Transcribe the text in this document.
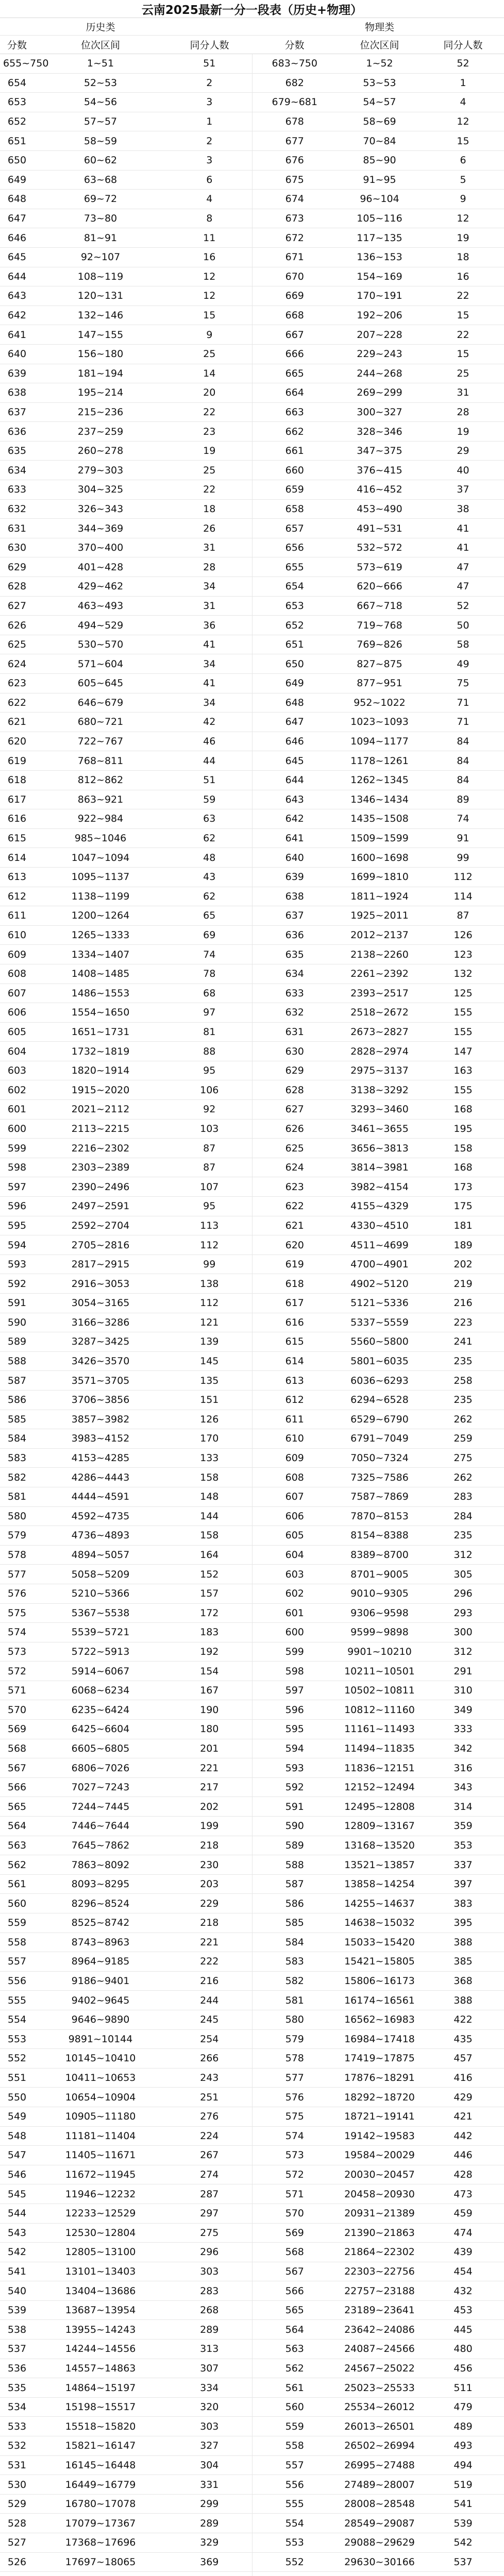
云南2025最新一分一段表（历史+物理）					
	历史类			物理类	
分数	位次区间	同分人数	分数	位次区间	同分人数
655~750	1~51	51	683~750	1~52	52
654	52~53	2	682	53~53	1
653	54~56	3	679~681	54~57	4
652	57~57	1	678	58~69	12
651	58~59	2	677	70~84	15
650	60~62	3	676	85~90	6
649	63~68	6	675	91~95	5
648	69~72	4	674	96~104	9
647	73~80	8	673	105~116	12
646	81~91	11	672	117~135	19
645	92~107	16	671	136~153	18
644	108~119	12	670	154~169	16
643	120~131	12	669	170~191	22
642	132~146	15	668	192~206	15
641	147~155	9	667	207~228	22
640	156~180	25	666	229~243	15
639	181~194	14	665	244~268	25
638	195~214	20	664	269~299	31
637	215~236	22	663	300~327	28
636	237~259	23	662	328~346	19
635	260~278	19	661	347~375	29
634	279~303	25	660	376~415	40
633	304~325	22	659	416~452	37
632	326~343	18	658	453~490	38
631	344~369	26	657	491~531	41
630	370~400	31	656	532~572	41
629	401~428	28	655	573~619	47
628	429~462	34	654	620~666	47
627	463~493	31	653	667~718	52
626	494~529	36	652	719~768	50
625	530~570	41	651	769~826	58
624	571~604	34	650	827~875	49
623	605~645	41	649	877~951	75
622	646~679	34	648	952~1022	71
621	680~721	42	647	1023~1093	71
620	722~767	46	646	1094~1177	84
619	768~811	44	645	1178~1261	84
618	812~862	51	644	1262~1345	84
617	863~921	59	643	1346~1434	89
616	922~984	63	642	1435~1508	74
615	985~1046	62	641	1509~1599	91
614	1047~1094	48	640	1600~1698	99
613	1095~1137	43	639	1699~1810	112
612	1138~1199	62	638	1811~1924	114
611	1200~1264	65	637	1925~2011	87
610	1265~1333	69	636	2012~2137	126
609	1334~1407	74	635	2138~2260	123
608	1408~1485	78	634	2261~2392	132
607	1486~1553	68	633	2393~2517	125
606	1554~1650	97	632	2518~2672	155
605	1651~1731	81	631	2673~2827	155
604	1732~1819	88	630	2828~2974	147
603	1820~1914	95	629	2975~3137	163
602	1915~2020	106	628	3138~3292	155
601	2021~2112	92	627	3293~3460	168
600	2113~2215	103	626	3461~3655	195
599	2216~2302	87	625	3656~3813	158
598	2303~2389	87	624	3814~3981	168
597	2390~2496	107	623	3982~4154	173
596	2497~2591	95	622	4155~4329	175
595	2592~2704	113	621	4330~4510	181
594	2705~2816	112	620	4511~4699	189
593	2817~2915	99	619	4700~4901	202
592	2916~3053	138	618	4902~5120	219
591	3054~3165	112	617	5121~5336	216
590	3166~3286	121	616	5337~5559	223
589	3287~3425	139	615	5560~5800	241
588	3426~3570	145	614	5801~6035	235
587	3571~3705	135	613	6036~6293	258
586	3706~3856	151	612	6294~6528	235
585	3857~3982	126	611	6529~6790	262
584	3983~4152	170	610	6791~7049	259
583	4153~4285	133	609	7050~7324	275
582	4286~4443	158	608	7325~7586	262
581	4444~4591	148	607	7587~7869	283
580	4592~4735	144	606	7870~8153	284
579	4736~4893	158	605	8154~8388	235
578	4894~5057	164	604	8389~8700	312
577	5058~5209	152	603	8701~9005	305
576	5210~5366	157	602	9010~9305	296
575	5367~5538	172	601	9306~9598	293
574	5539~5721	183	600	9599~9898	300
573	5722~5913	192	599	9901~10210	312
572	5914~6067	154	598	10211~10501	291
571	6068~6234	167	597	10502~10811	310
570	6235~6424	190	596	10812~11160	349
569	6425~6604	180	595	11161~11493	333
568	6605~6805	201	594	11494~11835	342
567	6806~7026	221	593	11836~12151	316
566	7027~7243	217	592	12152~12494	343
565	7244~7445	202	591	12495~12808	314
564	7446~7644	199	590	12809~13167	359
563	7645~7862	218	589	13168~13520	353
562	7863~8092	230	588	13521~13857	337
561	8093~8295	203	587	13858~14254	397
560	8296~8524	229	586	14255~14637	383
559	8525~8742	218	585	14638~15032	395
558	8743~8963	221	584	15033~15420	388
557	8964~9185	222	583	15421~15805	385
556	9186~9401	216	582	15806~16173	368
555	9402~9645	244	581	16174~16561	388
554	9646~9890	245	580	16562~16983	422
553	9891~10144	254	579	16984~17418	435
552	10145~10410	266	578	17419~17875	457
551	10411~10653	243	577	17876~18291	416
550	10654~10904	251	576	18292~18720	429
549	10905~11180	276	575	18721~19141	421
548	11181~11404	224	574	19142~19583	442
547	11405~11671	267	573	19584~20029	446
546	11672~11945	274	572	20030~20457	428
545	11946~12232	287	571	20458~20930	473
544	12233~12529	297	570	20931~21389	459
543	12530~12804	275	569	21390~21863	474
542	12805~13100	296	568	21864~22302	439
541	13101~13403	303	567	22303~22756	454
540	13404~13686	283	566	22757~23188	432
539	13687~13954	268	565	23189~23641	453
538	13955~14243	289	564	23642~24086	445
537	14244~14556	313	563	24087~24566	480
536	14557~14863	307	562	24567~25022	456
535	14864~15197	334	561	25023~25533	511
534	15198~15517	320	560	25534~26012	479
533	15518~15820	303	559	26013~26501	489
532	15821~16147	327	558	26502~26994	493
531	16145~16448	304	557	26995~27488	494
530	16449~16779	331	556	27489~28007	519
529	16780~17078	299	555	28008~28548	541
528	17079~17367	289	554	28549~29087	539
527	17368~17696	329	553	29088~29629	542
526	17697~18065	369	552	29630~30166	537
